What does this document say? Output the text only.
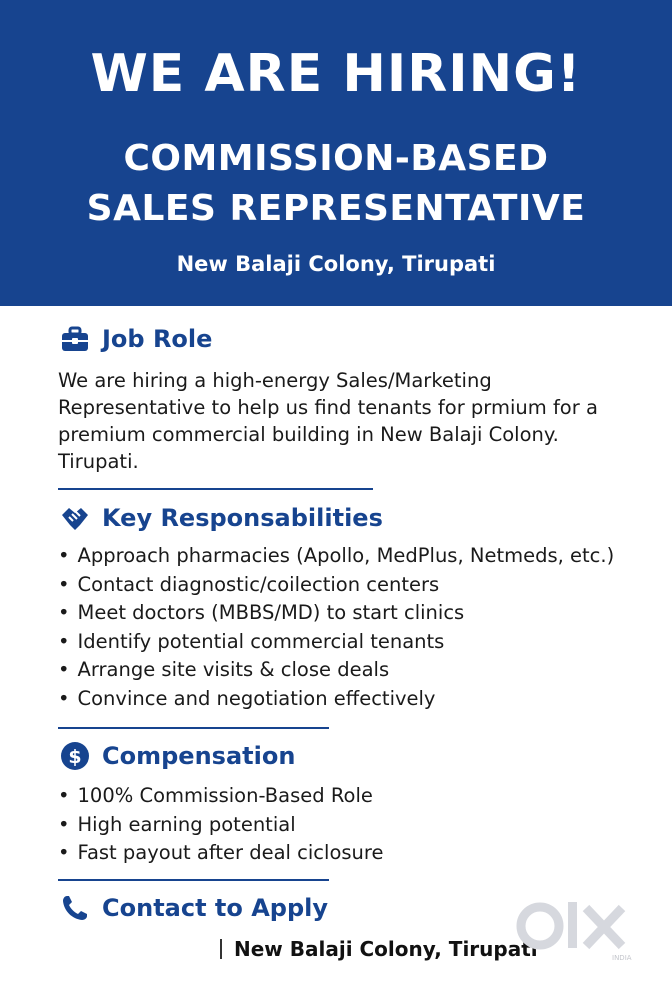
WE ARE HIRING!
COMMISSION-BASED
SALES REPRESENTATIVE
New Balaji Colony, Tirupati
Job Role
We are hiring a high-energy Sales/Marketing Representative to help us find tenants for prmium for a premium commercial building in New Balaji Colony. Tirupati.
Key Responsabilities
• Approach pharmacies (Apollo, MedPlus, Netmeds, etc.)
• Contact diagnostic/coilection centers
• Meet doctors (MBBS/MD) to start clinics
• Identify potential commercial tenants
• Arrange site visits & close deals
• Convince and negotiation effectively
$ Compensation
• 100% Commission-Based Role
• High earning potential
• Fast payout after deal ciclosure
Contact to Apply
New Balaji Colony, Tirupati	INDIA
